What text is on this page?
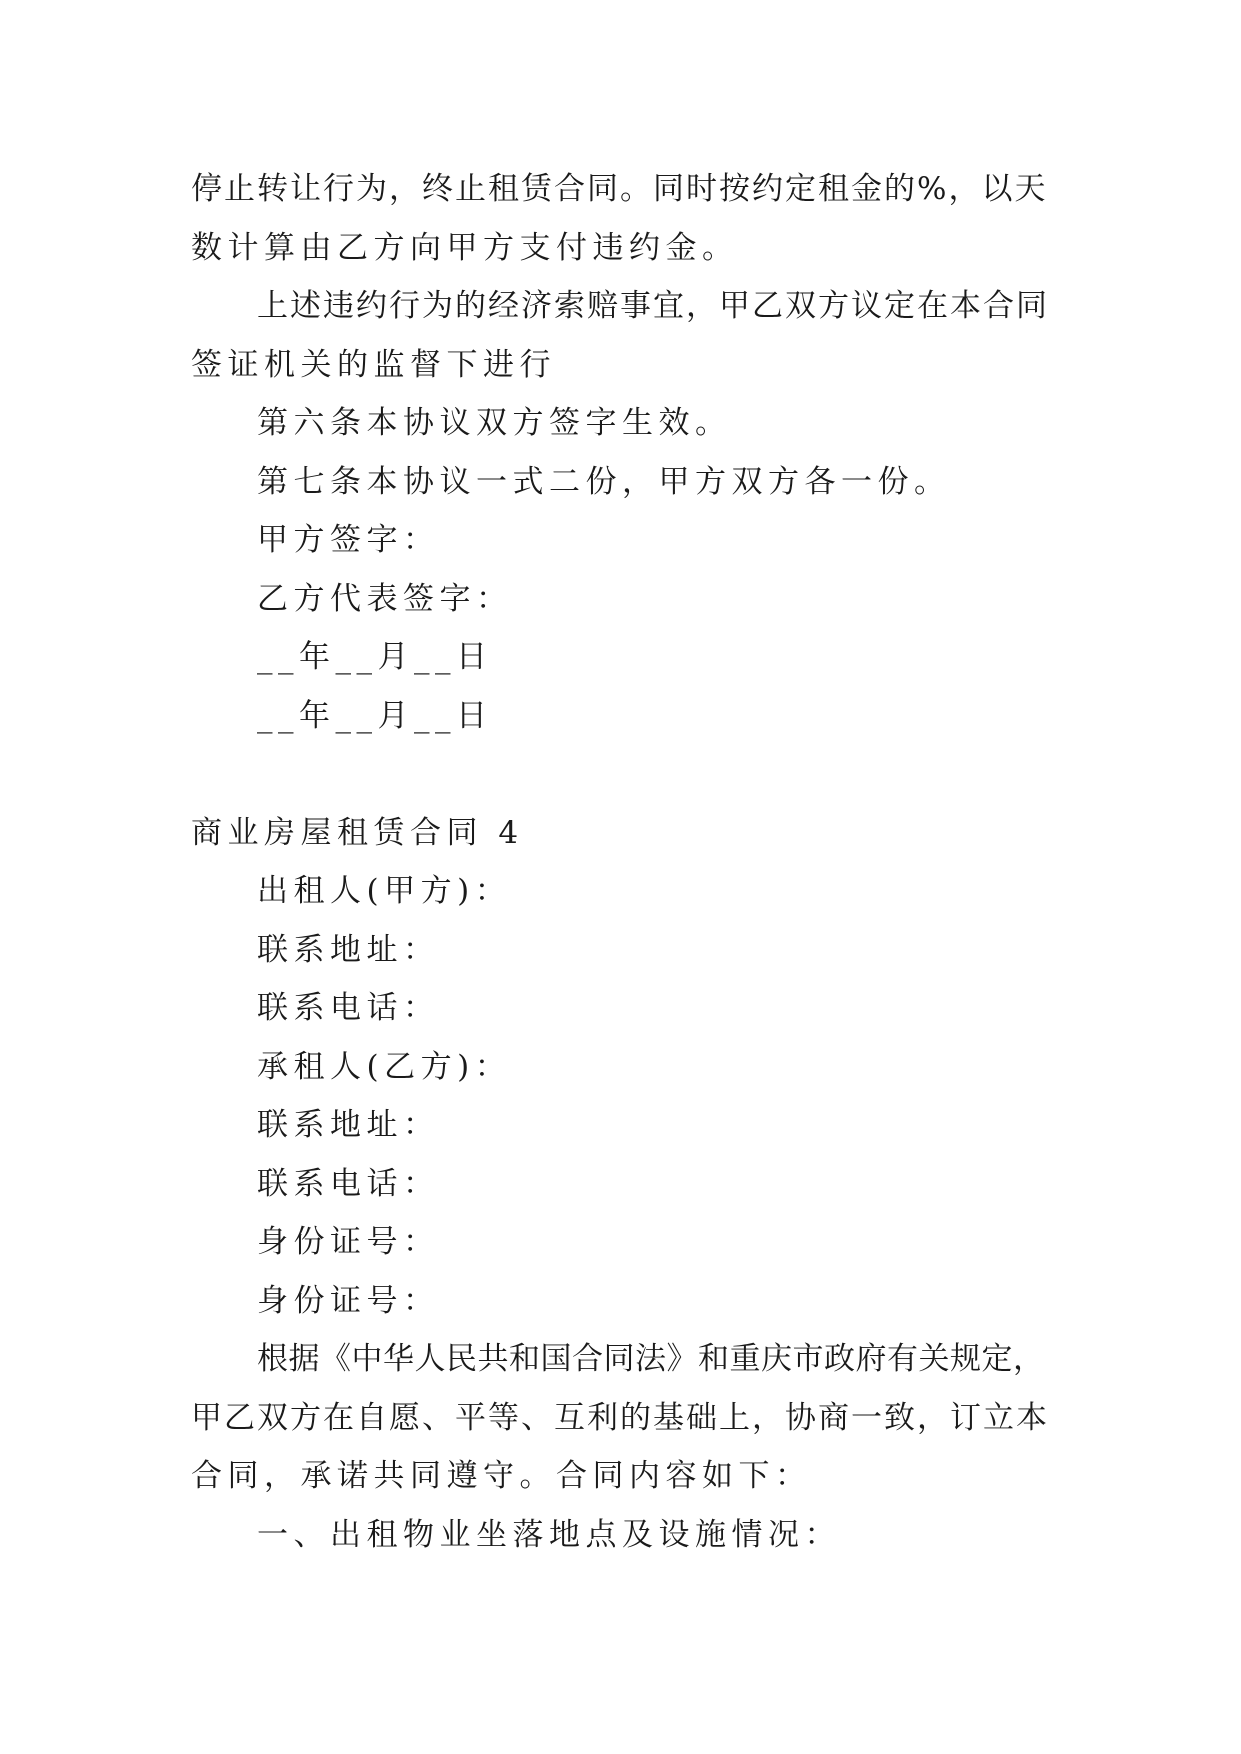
停止转让行为，终止租赁合同。同时按约定租金的%，以天
数计算由乙方向甲方支付违约金。
上述违约行为的经济索赔事宜，甲乙双方议定在本合同
签证机关的监督下进行
第六条本协议双方签字生效。
第七条本协议一式二份，甲方双方各一份。
甲方签字：
乙方代表签字：
__年__月__日
__年__月__日
商业房屋租赁合同 4
出租人(甲方)：
联系地址：
联系电话：
承租人(乙方)：
联系地址：
联系电话：
身份证号：
身份证号：
根据《中华人民共和国合同法》和重庆市政府有关规定，
甲乙双方在自愿、平等、互利的基础上，协商一致，订立本
合同，承诺共同遵守。合同内容如下：
一、出租物业坐落地点及设施情况：
